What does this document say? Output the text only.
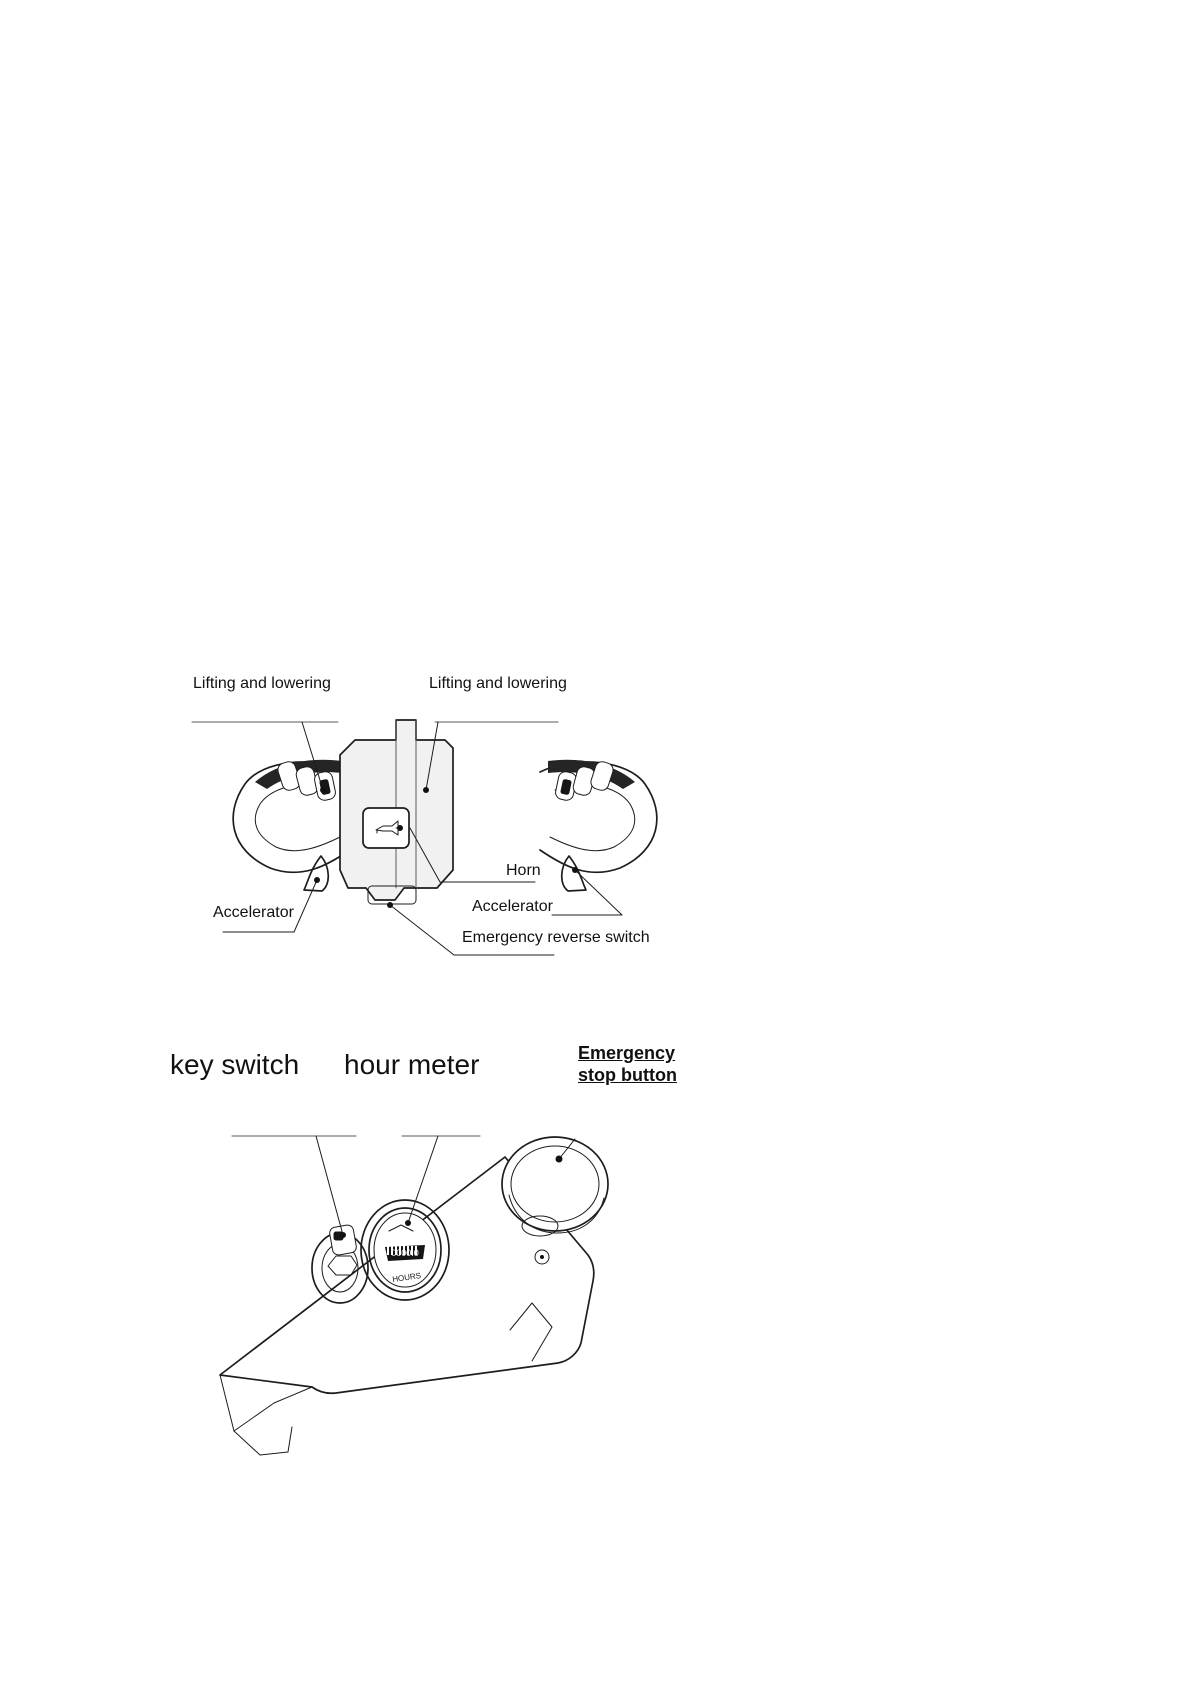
Lifting and lowering	Lifting and lowering
Horn
Accelerator	Accelerator
Emergency reverse switch
0000.0
HOURS
key switch hour meter	Emergency
stop button
